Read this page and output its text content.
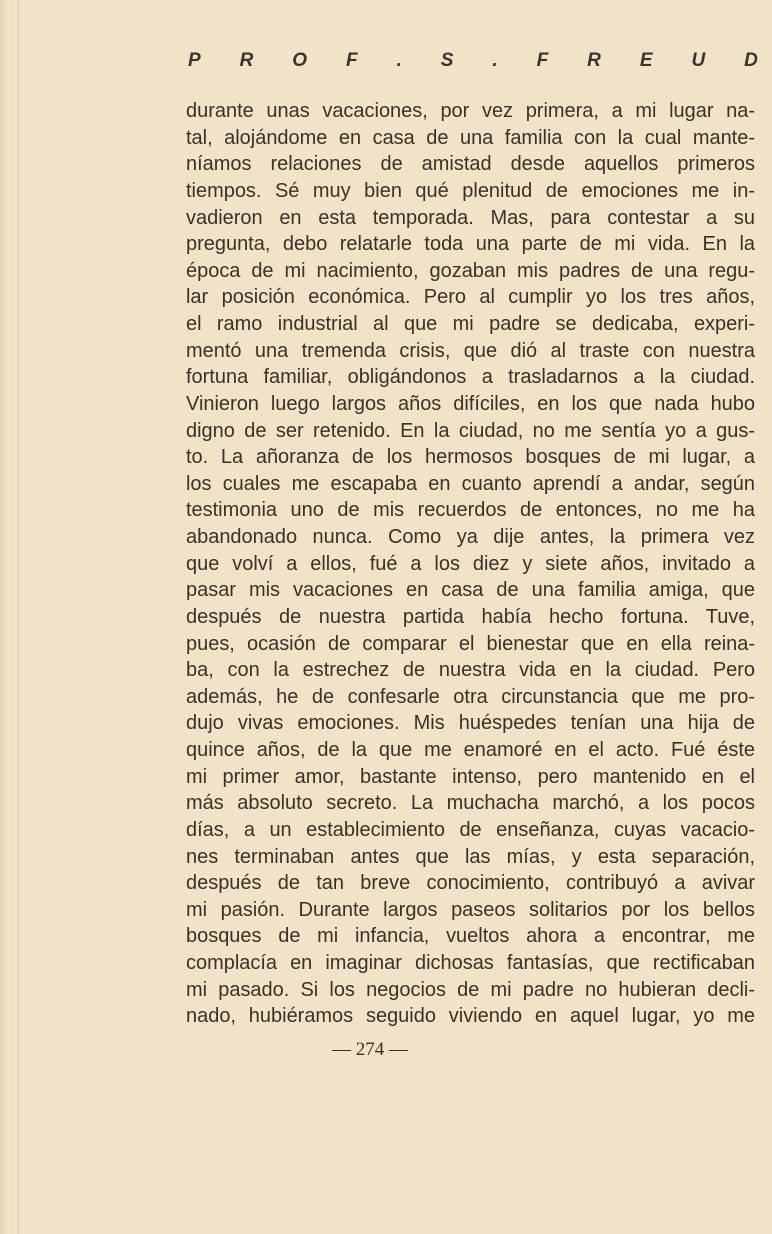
P R O F . S . F R E U D
durante unas vacaciones, por vez primera, a mi lugar na-
tal, alojándome en casa de una familia con la cual mante-
níamos relaciones de amistad desde aquellos primeros
tiempos. Sé muy bien qué plenitud de emociones me in-
vadieron en esta temporada. Mas, para contestar a su
pregunta, debo relatarle toda una parte de mi vida. En la
época de mi nacimiento, gozaban mis padres de una regu-
lar posición económica. Pero al cumplir yo los tres años,
el ramo industrial al que mi padre se dedicaba, experi-
mentó una tremenda crisis, que dió al traste con nuestra
fortuna familiar, obligándonos a trasladarnos a la ciudad.
Vinieron luego largos años difíciles, en los que nada hubo
digno de ser retenido. En la ciudad, no me sentía yo a gus-
to. La añoranza de los hermosos bosques de mi lugar, a
los cuales me escapaba en cuanto aprendí a andar, según
testimonia uno de mis recuerdos de entonces, no me ha
abandonado nunca. Como ya dije antes, la primera vez
que volví a ellos, fué a los diez y siete años, invitado a
pasar mis vacaciones en casa de una familia amiga, que
después de nuestra partida había hecho fortuna. Tuve,
pues, ocasión de comparar el bienestar que en ella reina-
ba, con la estrechez de nuestra vida en la ciudad. Pero
además, he de confesarle otra circunstancia que me pro-
dujo vivas emociones. Mis huéspedes tenían una hija de
quince años, de la que me enamoré en el acto. Fué éste
mi primer amor, bastante intenso, pero mantenido en el
más absoluto secreto. La muchacha marchó, a los pocos
días, a un establecimiento de enseñanza, cuyas vacacio-
nes terminaban antes que las mías, y esta separación,
después de tan breve conocimiento, contribuyó a avivar
mi pasión. Durante largos paseos solitarios por los bellos
bosques de mi infancia, vueltos ahora a encontrar, me
complacía en imaginar dichosas fantasías, que rectificaban
mi pasado. Si los negocios de mi padre no hubieran decli-
nado, hubiéramos seguido viviendo en aquel lugar, yo me
— 274 —
